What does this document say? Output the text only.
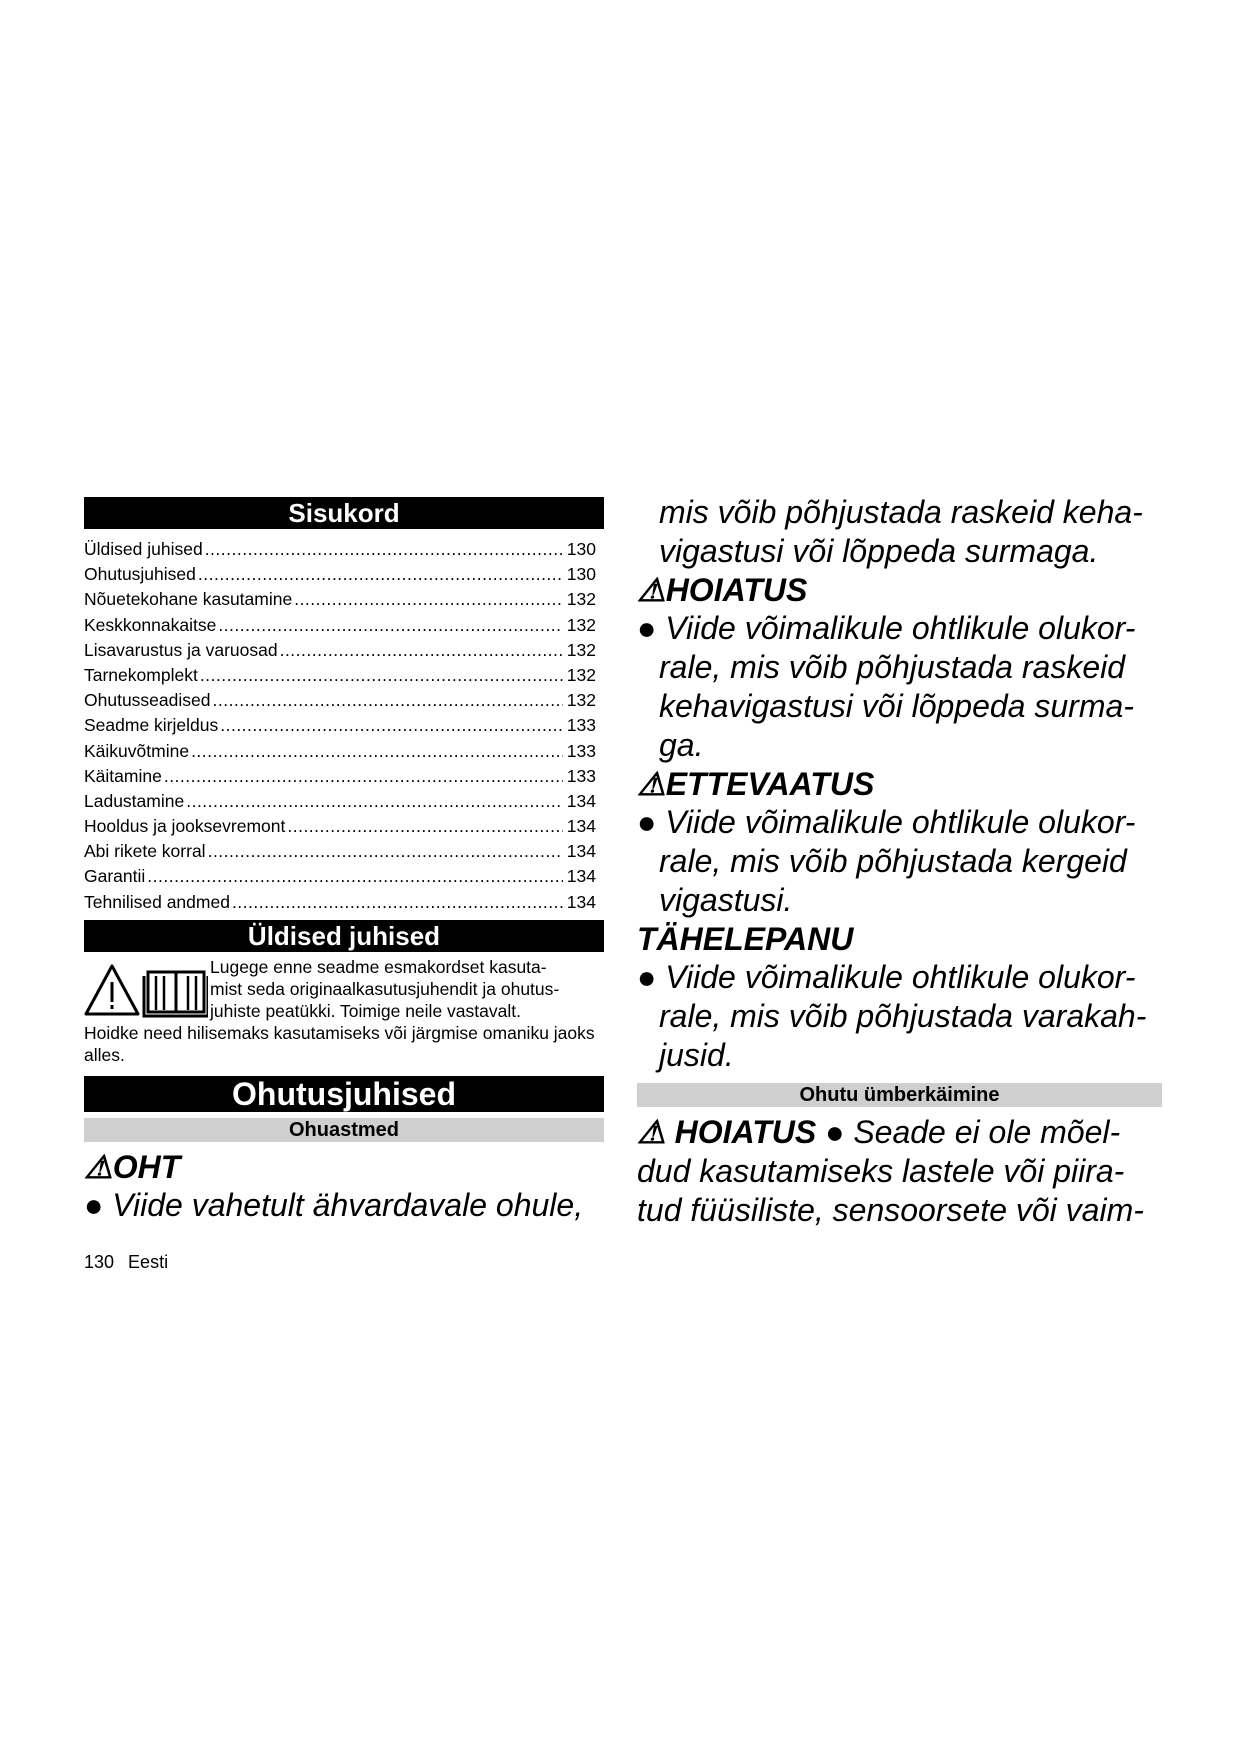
Sisukord
Üldised juhised .....	130
Ohutusjuhised .....	130
Nõuetekohane kasutamine .....	132
Keskkonnakaitse .....	132
Lisavarustus ja varuosad .....	132
Tarnekomplekt .....	132
Ohutusseadised .....	132
Seadme kirjeldus .....	133
Käikuvõtmine .....	133
Käitamine .....	133
Ladustamine .....	134
Hooldus ja jooksevremont .....	134
Abi rikete korral .....	134
Garantii .....	134
Tehnilised andmed .....	134
Üldised juhised
Lugege enne seadme esmakordset kasuta-
mist seda originaalkasutusjuhendit ja ohutus-
juhiste peatükki. Toimige neile vastavalt.

Hoidke need hilisemaks kasutamiseks või järgmise omaniku jaoks alles.

Ohutusjuhised
Ohuastmed
⚠OHT
● Viide vahetult ähvardavale ohule,
mis võib põhjustada raskeid keha-
vigastusi või lõppeda surmaga.
⚠HOIATUS
● Viide võimalikule ohtlikule olukor-
rale, mis võib põhjustada raskeid
kehavigastusi või lõppeda surma-
ga.
⚠ETTEVAATUS
● Viide võimalikule ohtlikule olukor-
rale, mis võib põhjustada kergeid
vigastusi.
TÄHELEPANU
● Viide võimalikule ohtlikule olukor-
rale, mis võib põhjustada varakah-
jusid.
Ohutu ümberkäimine
⚠ HOIATUS ● Seade ei ole mõel-
dud kasutamiseks lastele või piira-
tud füüsiliste, sensoorsete või vaim-
130 Eesti
